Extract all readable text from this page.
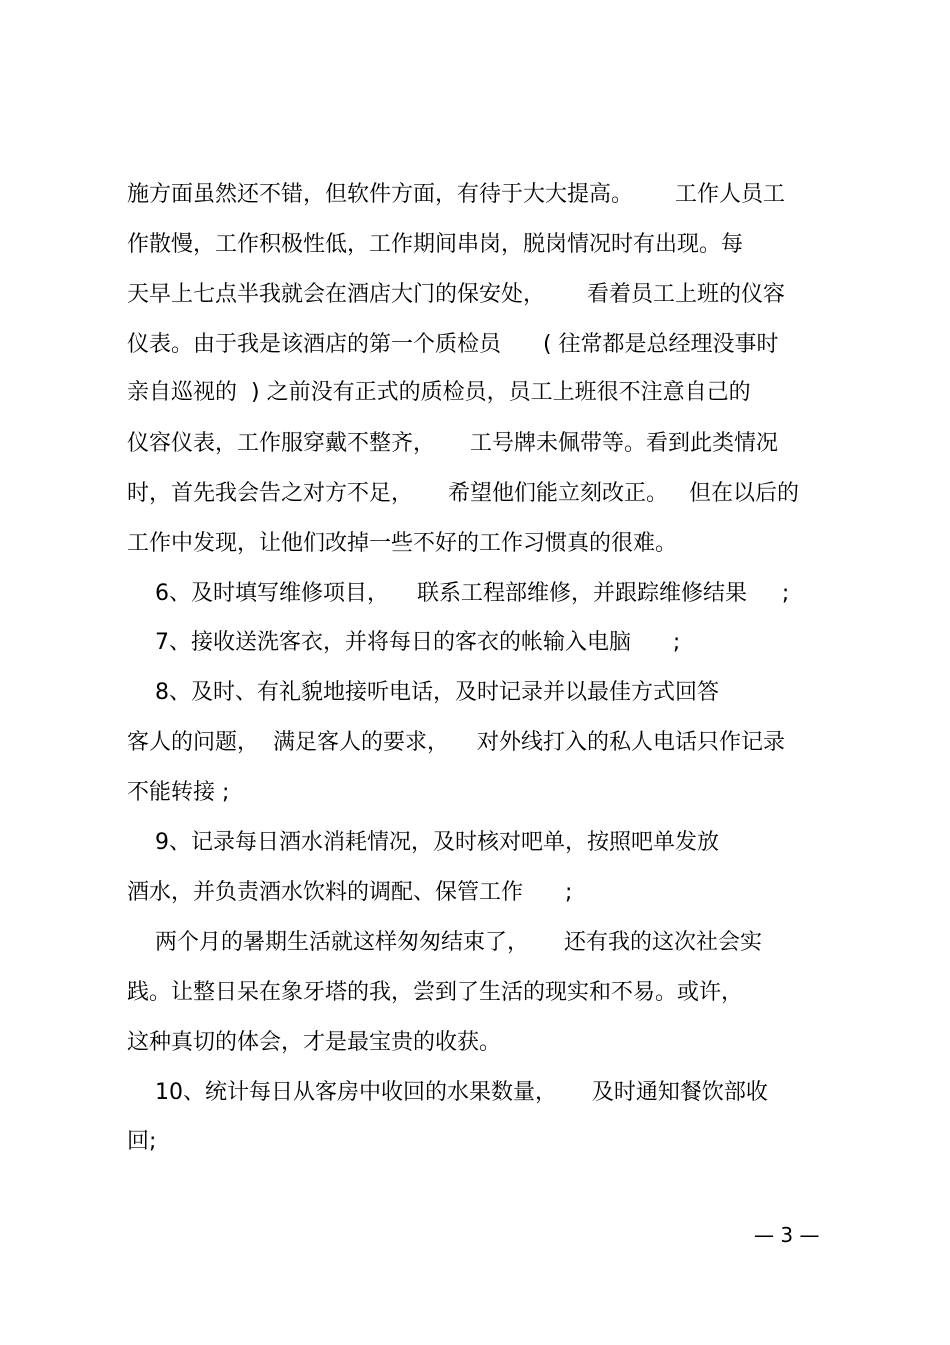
施方面虽然还不错，但软件方面，有待于大大提高。      工作人员工
作散慢，工作积极性低，工作期间串岗，脱岗情况时有出现。每
天早上七点半我就会在酒店大门的保安处，      看着员工上班的仪容
仪表。由于我是该酒店的第一个质检员      ( 往常都是总经理没事时
亲自巡视的  ) 之前没有正式的质检员，员工上班很不注意自己的
仪容仪表，工作服穿戴不整齐，     工号牌未佩带等。看到此类情况
时，首先我会告之对方不足，     希望他们能立刻改正。   但在以后的
工作中发现，让他们改掉一些不好的工作习惯真的很难。
6、及时填写维修项目，    联系工程部维修，并跟踪维修结果     ;
7、接收送洗客衣，并将每日的客衣的帐输入电脑      ;
8、及时、有礼貌地接听电话，及时记录并以最佳方式回答
客人的问题，  满足客人的要求，    对外线打入的私人电话只作记录
不能转接 ;
9、记录每日酒水消耗情况，及时核对吧单，按照吧单发放
酒水，并负责酒水饮料的调配、保管工作      ;
两个月的暑期生活就这样匆匆结束了，     还有我的这次社会实
践。让整日呆在象牙塔的我，尝到了生活的现实和不易。或许，
这种真切的体会，才是最宝贵的收获。
10、统计每日从客房中收回的水果数量，     及时通知餐饮部收
回;
— 3 —
